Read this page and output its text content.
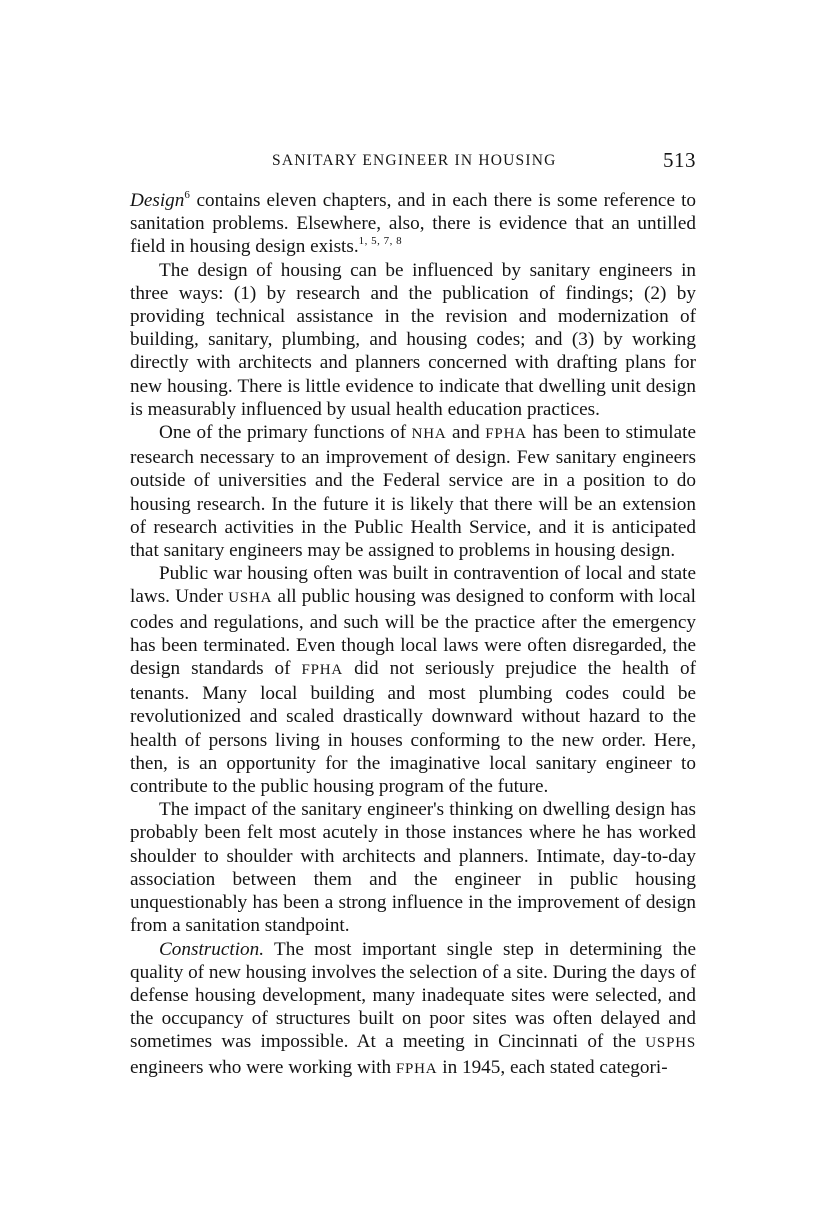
SANITARY ENGINEER IN HOUSING	513

Design$^6$ contains eleven chapters, and in each there is some reference to sanitation problems. Elsewhere, also, there is evidence that an untilled field in housing design exists.$^{1, 5, 7, 8}$

The design of housing can be influenced by sanitary engineers in three ways: (1) by research and the publication of findings; (2) by providing technical assistance in the revision and modernization of building, sanitary, plumbing, and housing codes; and (3) by working directly with architects and planners concerned with drafting plans for new housing. There is little evidence to indicate that dwelling unit design is measurably influenced by usual health education practices.

One of the primary functions of NHA and FPHA has been to stimulate research necessary to an improvement of design. Few sanitary engineers outside of universities and the Federal service are in a position to do housing research. In the future it is likely that there will be an extension of research activities in the Public Health Service, and it is anticipated that sanitary engineers may be assigned to problems in housing design.

Public war housing often was built in contravention of local and state laws. Under USHA all public housing was designed to conform with local codes and regulations, and such will be the practice after the emergency has been terminated. Even though local laws were often disregarded, the design standards of FPHA did not seriously prejudice the health of tenants. Many local building and most plumbing codes could be revolutionized and scaled drastically downward without hazard to the health of persons living in houses conforming to the new order. Here, then, is an opportunity for the imaginative local sanitary engineer to contribute to the public housing program of the future.

The impact of the sanitary engineer's thinking on dwelling design has probably been felt most acutely in those instances where he has worked shoulder to shoulder with architects and planners. Intimate, day-to-day association between them and the engineer in public housing unquestionably has been a strong influence in the improvement of design from a sanitation standpoint.

Construction. The most important single step in determining the quality of new housing involves the selection of a site. During the days of defense housing development, many inadequate sites were selected, and the occupancy of structures built on poor sites was often delayed and sometimes was impossible. At a meeting in Cincinnati of the USPHS engineers who were working with FPHA in 1945, each stated categori-
